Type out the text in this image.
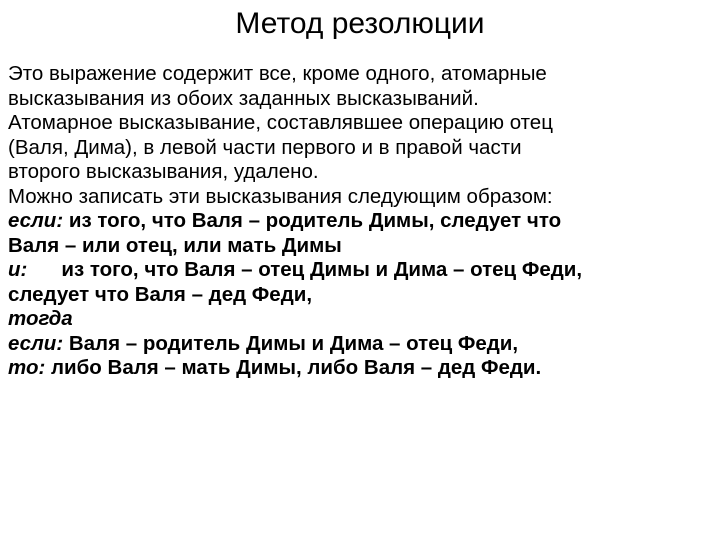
Метод резолюции

Это выражение содержит все, кроме одного, атомарные
высказывания из обоих заданных высказываний.
Атомарное высказывание, составлявшее операцию отец
(Валя, Дима), в левой части первого и в правой части
второго высказывания, удалено.

Можно записать эти высказывания следующим образом:

если: из того, что Валя – родитель Димы, следует что
Валя – или отец, или мать Димы

и: из того, что Валя – отец Димы и Дима – отец Феди,
следует что Валя – дед Феди,

тогда

если: Валя – родитель Димы и Дима – отец Феди,

то: либо Валя – мать Димы, либо Валя – дед Феди.
